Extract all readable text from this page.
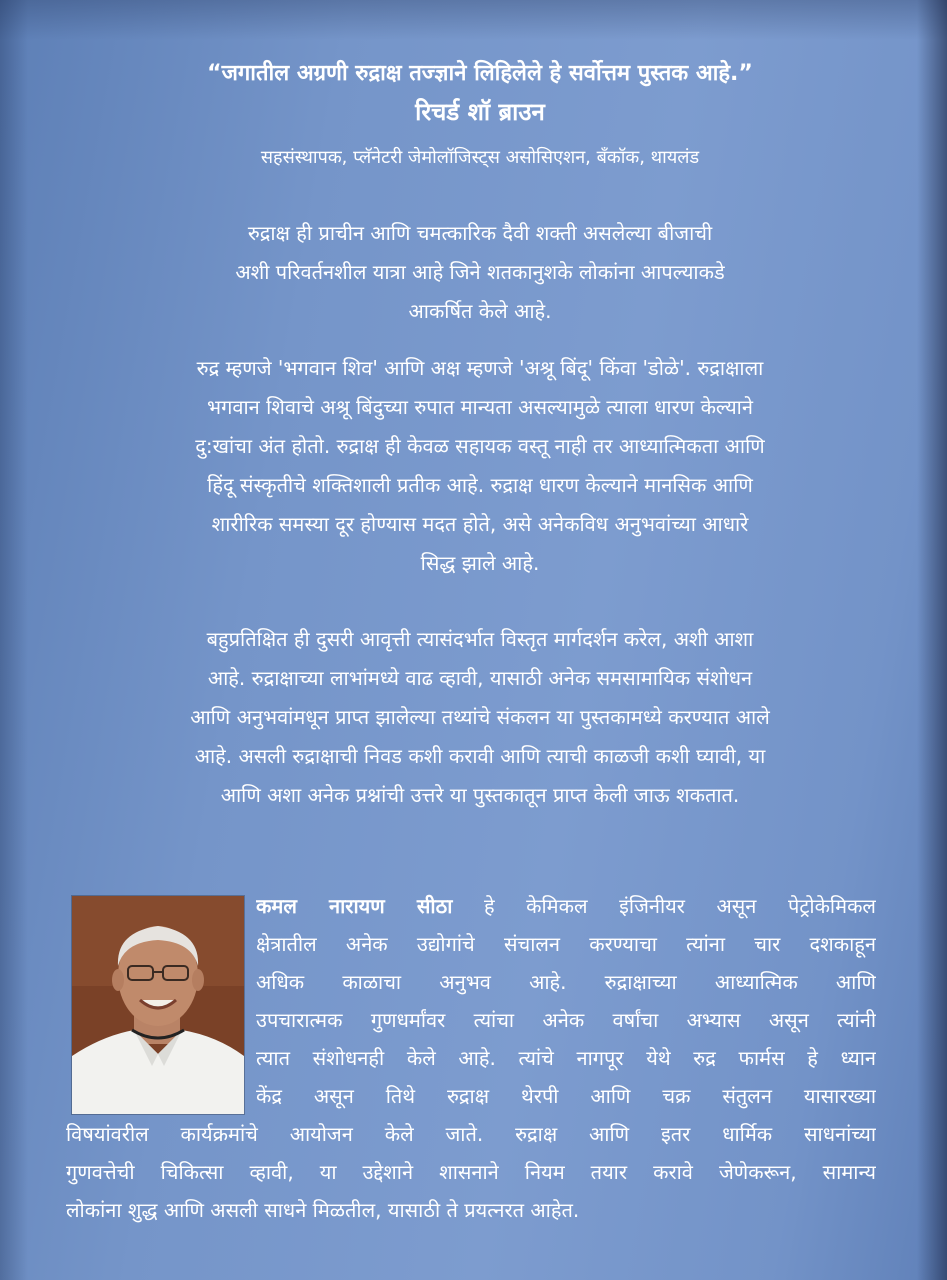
“जगातील अग्रणी रुद्राक्ष तज्ज्ञाने लिहिलेले हे सर्वोत्तम पुस्तक आहे.”
रिचर्ड शॉ ब्राउन
सहसंस्थापक, प्लॅनेटरी जेमोलॉजिस्ट्स असोसिएशन, बँकॉक, थायलंड
रुद्राक्ष ही प्राचीन आणि चमत्कारिक दैवी शक्ती असलेल्या बीजाची
अशी परिवर्तनशील यात्रा आहे जिने शतकानुशके लोकांना आपल्याकडे
आकर्षित केले आहे.
रुद्र म्हणजे 'भगवान शिव' आणि अक्ष म्हणजे 'अश्रू बिंदू' किंवा 'डोळे'. रुद्राक्षाला
भगवान शिवाचे अश्रू बिंदुच्या रुपात मान्यता असल्यामुळे त्याला धारण केल्याने
दु:खांचा अंत होतो. रुद्राक्ष ही केवळ सहायक वस्तू नाही तर आध्यात्मिकता आणि
हिंदू संस्कृतीचे शक्तिशाली प्रतीक आहे. रुद्राक्ष धारण केल्याने मानसिक आणि
शारीरिक समस्या दूर होण्यास मदत होते, असे अनेकविध अनुभवांच्या आधारे
सिद्ध झाले आहे.
बहुप्रतिक्षित ही दुसरी आवृत्ती त्यासंदर्भात विस्तृत मार्गदर्शन करेल, अशी आशा
आहे. रुद्राक्षाच्या लाभांमध्ये वाढ व्हावी, यासाठी अनेक समसामायिक संशोधन
आणि अनुभवांमधून प्राप्त झालेल्या तथ्यांचे संकलन या पुस्तकामध्ये करण्यात आले
आहे. असली रुद्राक्षाची निवड कशी करावी आणि त्याची काळजी कशी घ्यावी, या
आणि अशा अनेक प्रश्नांची उत्तरे या पुस्तकातून प्राप्त केली जाऊ शकतात.
कमल नारायण सीठा हे केमिकल इंजिनीयर असून पेट्रोकेमिकल
क्षेत्रातील अनेक उद्योगांचे संचालन करण्याचा त्यांना चार दशकाहून
अधिक काळाचा अनुभव आहे. रुद्राक्षाच्या आध्यात्मिक आणि
उपचारात्मक गुणधर्मांवर त्यांचा अनेक वर्षांचा अभ्यास असून त्यांनी
त्यात संशोधनही केले आहे. त्यांचे नागपूर येथे रुद्र फार्मस हे ध्यान
केंद्र असून तिथे रुद्राक्ष थेरपी आणि चक्र संतुलन यासारख्या
विषयांवरील कार्यक्रमांचे आयोजन केले जाते. रुद्राक्ष आणि इतर धार्मिक साधनांच्या
गुणवत्तेची चिकित्सा व्हावी, या उद्देशाने शासनाने नियम तयार करावे जेणेकरून, सामान्य
लोकांना शुद्ध आणि असली साधने मिळतील, यासाठी ते प्रयत्नरत आहेत.
